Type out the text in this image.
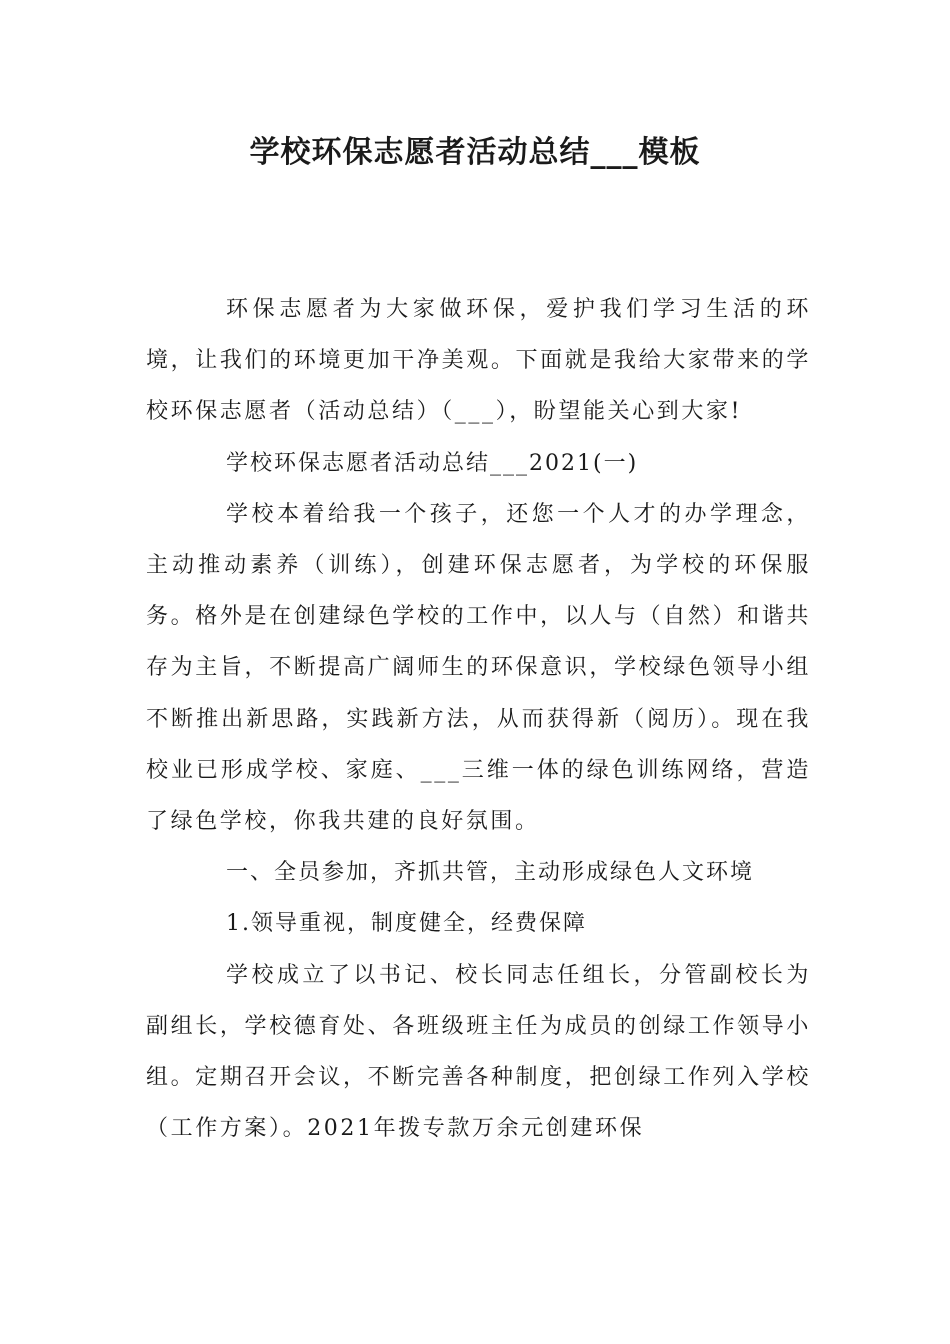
学校环保志愿者活动总结___模板

环保志愿者为大家做环保，爱护我们学习生活的环境，让我们的环境更加干净美观。下面就是我给大家带来的学校环保志愿者（活动总结）（___），盼望能关心到大家!

学校环保志愿者活动总结___2021(一)

学校本着给我一个孩子，还您一个人才的办学理念，主动推动素养（训练），创建环保志愿者，为学校的环保服务。格外是在创建绿色学校的工作中，以人与（自然）和谐共存为主旨，不断提高广阔师生的环保意识，学校绿色领导小组不断推出新思路，实践新方法，从而获得新（阅历）。现在我校业已形成学校、家庭、___三维一体的绿色训练网络，营造了绿色学校，你我共建的良好氛围。

一、全员参加，齐抓共管，主动形成绿色人文环境

1.领导重视，制度健全，经费保障

学校成立了以书记、校长同志任组长，分管副校长为副组长，学校德育处、各班级班主任为成员的创绿工作领导小组。定期召开会议，不断完善各种制度，把创绿工作列入学校（工作方案）。2021年拨专款万余元创建环保
